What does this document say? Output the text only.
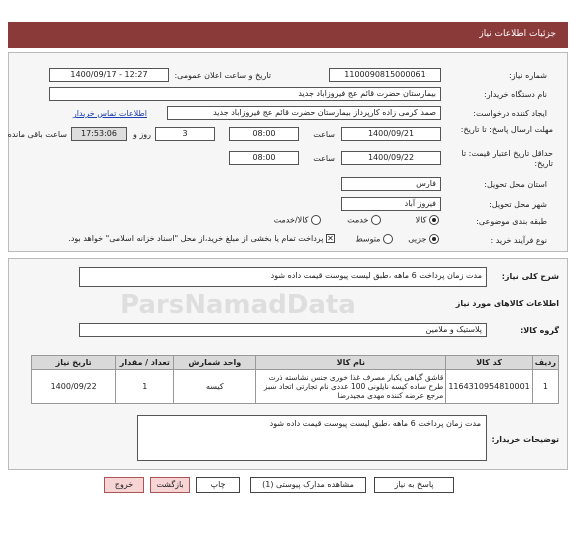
جزئیات اطلاعات نیاز
شماره نیاز:
1100090815000061
تاریخ و ساعت اعلان عمومی:
1400/09/17 - 12:27
نام دستگاه خریدار:
بیمارستان حضرت قائم عج فیروزاباد جدید
ایجاد کننده درخواست:
صمد کرمی زاده کارپرداز بیمارستان حضرت قائم عج فیروزاباد جدید
اطلاعات تماس خریدار
مهلت ارسال پاسخ: تا تاریخ:
1400/09/21
ساعت
08:00
3
روز و
17:53:06
ساعت باقی مانده
حداقل تاریخ اعتبار قیمت: تا تاریخ:
1400/09/22
ساعت
08:00
استان محل تحویل:
فارس
شهر محل تحویل:
فیروز آباد
طبقه بندی موضوعی:
کالا
خدمت
کالا/خدمت
نوع فرآیند خرید :
جزیی
متوسط
✕ پرداخت تمام یا بخشی از مبلغ خرید،از محل "اسناد خزانه اسلامی" خواهد بود.
شرح کلی نیاز:
مدت زمان پرداخت 6 ماهه ،طبق لیست پیوست قیمت داده شود
اطلاعات کالاهای مورد نیاز
گروه کالا:
پلاستیک و ملامین
ردیف	کد کالا	نام کالا	واحد شمارش	تعداد / مقدار	تاریخ نیاز
1	1164310954810001	قاشق گیاهی یکبار مصرف غذا خوری جنس نشاسته ذرت طرح ساده کیسه نایلونی 100 عددی نام تجارتی اتحاد سبز مرجع عرضه کننده مهدی مجیدرضا	کیسه	1	1400/09/22
توضیحات خریدار:
مدت زمان پرداخت 6 ماهه ،طبق لیست پیوست قیمت داده شود
پاسخ به نیاز
مشاهده مدارک پیوستی (1)
چاپ
بازگشت
خروج
ParsNamadData
